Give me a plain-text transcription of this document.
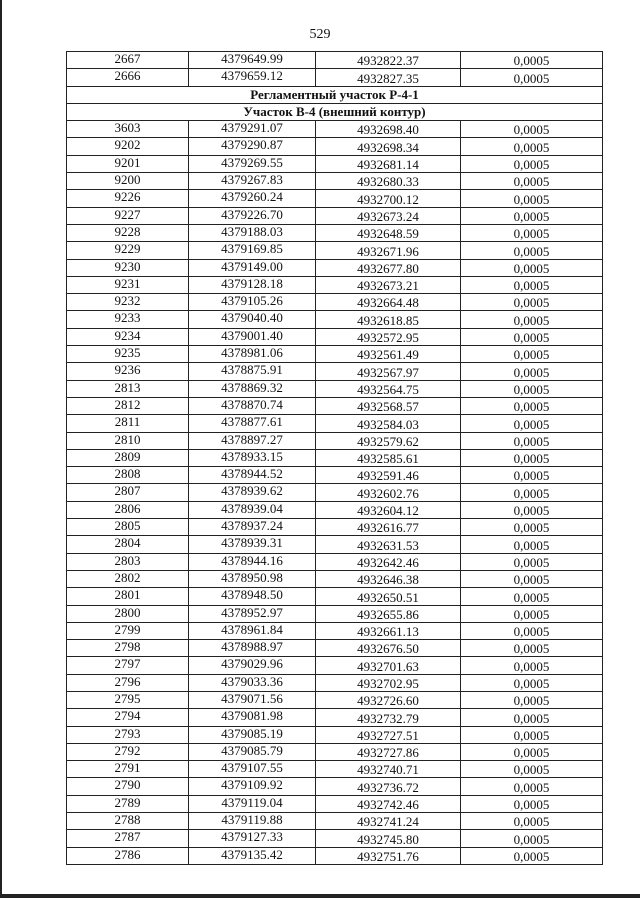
529
2667	4379649.99	4932822.37	0,0005
2666	4379659.12	4932827.35	0,0005
Регламентный участок Р-4-1			
Участок В-4 (внешний контур)			
3603	4379291.07	4932698.40	0,0005
9202	4379290.87	4932698.34	0,0005
9201	4379269.55	4932681.14	0,0005
9200	4379267.83	4932680.33	0,0005
9226	4379260.24	4932700.12	0,0005
9227	4379226.70	4932673.24	0,0005
9228	4379188.03	4932648.59	0,0005
9229	4379169.85	4932671.96	0,0005
9230	4379149.00	4932677.80	0,0005
9231	4379128.18	4932673.21	0,0005
9232	4379105.26	4932664.48	0,0005
9233	4379040.40	4932618.85	0,0005
9234	4379001.40	4932572.95	0,0005
9235	4378981.06	4932561.49	0,0005
9236	4378875.91	4932567.97	0,0005
2813	4378869.32	4932564.75	0,0005
2812	4378870.74	4932568.57	0,0005
2811	4378877.61	4932584.03	0,0005
2810	4378897.27	4932579.62	0,0005
2809	4378933.15	4932585.61	0,0005
2808	4378944.52	4932591.46	0,0005
2807	4378939.62	4932602.76	0,0005
2806	4378939.04	4932604.12	0,0005
2805	4378937.24	4932616.77	0,0005
2804	4378939.31	4932631.53	0,0005
2803	4378944.16	4932642.46	0,0005
2802	4378950.98	4932646.38	0,0005
2801	4378948.50	4932650.51	0,0005
2800	4378952.97	4932655.86	0,0005
2799	4378961.84	4932661.13	0,0005
2798	4378988.97	4932676.50	0,0005
2797	4379029.96	4932701.63	0,0005
2796	4379033.36	4932702.95	0,0005
2795	4379071.56	4932726.60	0,0005
2794	4379081.98	4932732.79	0,0005
2793	4379085.19	4932727.51	0,0005
2792	4379085.79	4932727.86	0,0005
2791	4379107.55	4932740.71	0,0005
2790	4379109.92	4932736.72	0,0005
2789	4379119.04	4932742.46	0,0005
2788	4379119.88	4932741.24	0,0005
2787	4379127.33	4932745.80	0,0005
2786	4379135.42	4932751.76	0,0005
